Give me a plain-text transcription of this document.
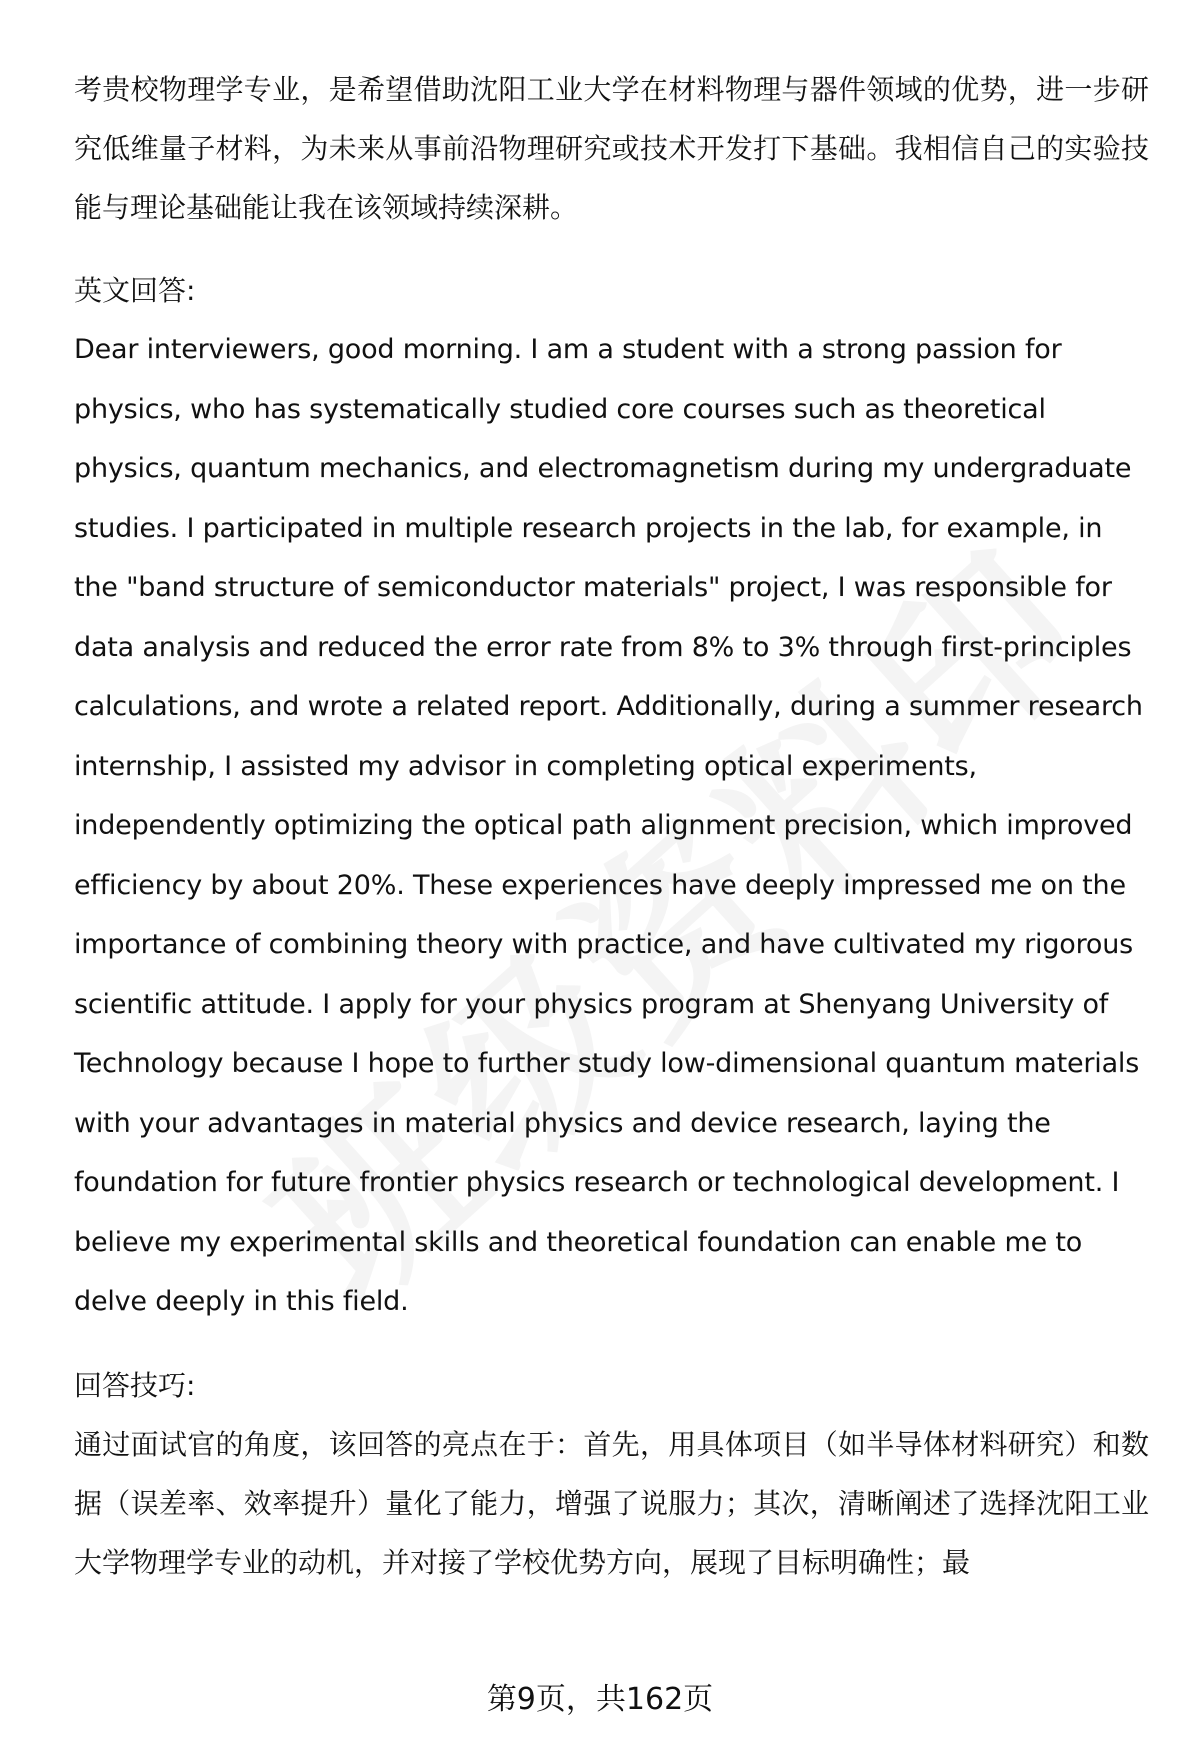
考贵校物理学专业，是希望借助沈阳工业大学在材料物理与器件领域的优势，进一步研究低维量子材料，为未来从事前沿物理研究或技术开发打下基础。我相信自己的实验技能与理论基础能让我在该领域持续深耕。

英文回答:

Dear interviewers, good morning. I am a student with a strong passion for physics, who has systematically studied core courses such as theoretical physics, quantum mechanics, and electromagnetism during my undergraduate studies. I participated in multiple research projects in the lab, for example, in the "band structure of semiconductor materials" project, I was responsible for data analysis and reduced the error rate from 8% to 3% through first-principles calculations, and wrote a related report. Additionally, during a summer research internship, I assisted my advisor in completing optical experiments, independently optimizing the optical path alignment precision, which improved efficiency by about 20%. These experiences have deeply impressed me on the importance of combining theory with practice, and have cultivated my rigorous scientific attitude. I apply for your physics program at Shenyang University of Technology because I hope to further study low-dimensional quantum materials with your advantages in material physics and device research, laying the foundation for future frontier physics research or technological development. I believe my experimental skills and theoretical foundation can enable me to delve deeply in this field.

回答技巧:

通过面试官的角度，该回答的亮点在于：首先，用具体项目（如半导体材料研究）和数据（误差率、效率提升）量化了能力，增强了说服力；其次，清晰阐述了选择沈阳工业大学物理学专业的动机，并对接了学校优势方向，展现了目标明确性；最

第9页，共162页
